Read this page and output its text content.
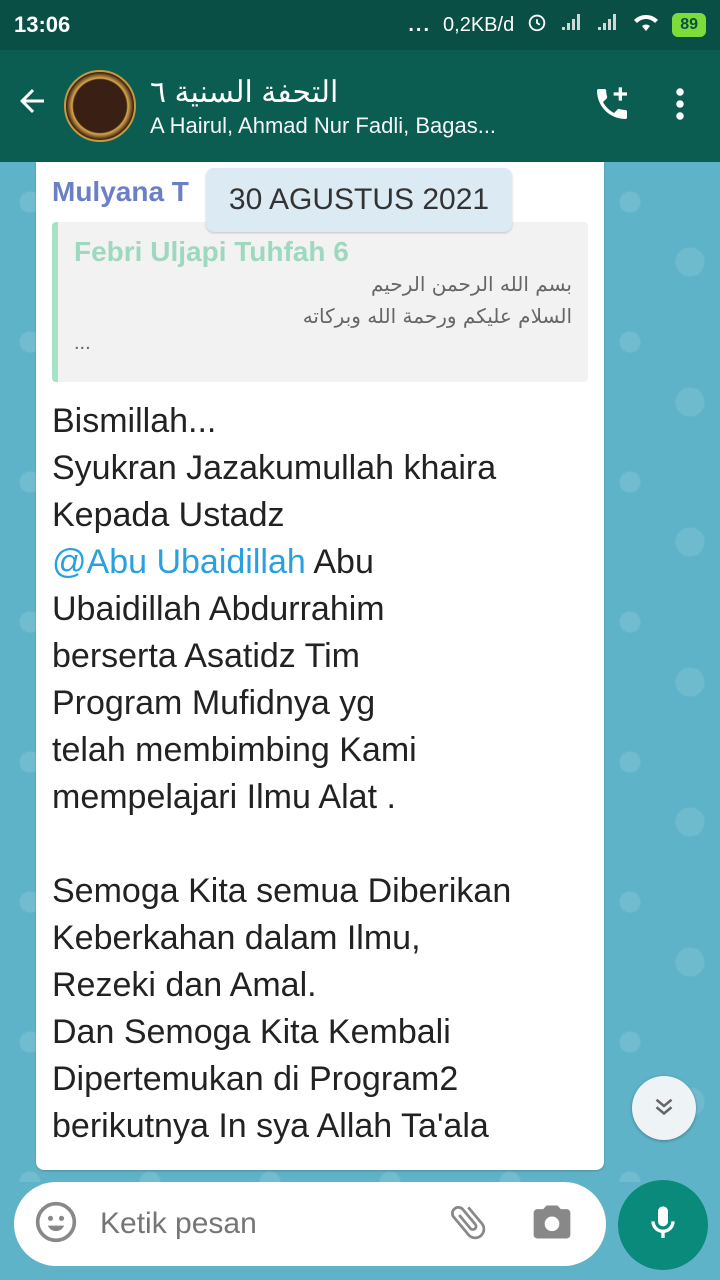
13:06	... 0,2KB/d	89
التحفة السنية ٦
A Hairul, Ahmad Nur Fadli, Bagas...
Mulyana T
Febri Uljapi Tuhfah 6
بسم الله الرحمن الرحيم
السلام عليكم ورحمة الله وبركاته
...
Bismillah...
Syukran Jazakumullah khaira
Kepada Ustadz
@Abu Ubaidillah Abu
Ubaidillah Abdurrahim
berserta Asatidz Tim
Program Mufidnya yg
telah membimbing Kami
mempelajari Ilmu Alat .

Semoga Kita semua Diberikan
Keberkahan dalam Ilmu,
Rezeki dan Amal.
Dan Semoga Kita Kembali
Dipertemukan di Program2
berikutnya In sya Allah Ta'ala
30 AGUSTUS 2021
Ketik pesan
